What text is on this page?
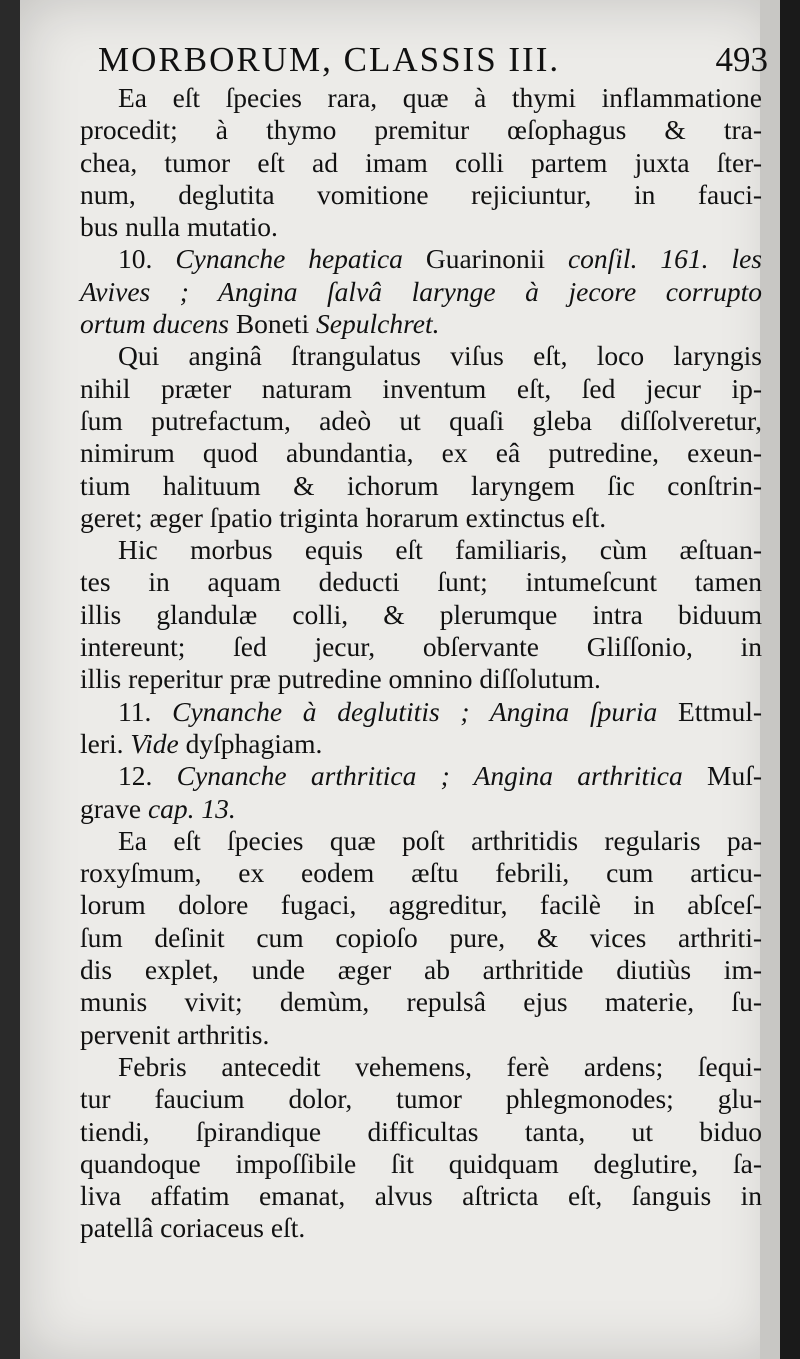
MORBORUM, CLASSIS III.	493
Ea eſt ſpecies rara, quæ à thymi inflammatione
procedit; à thymo premitur œſophagus & tra-
chea, tumor eſt ad imam colli partem juxta ſter-
num, deglutita vomitione rejiciuntur, in fauci-
bus nulla mutatio.
10. Cynanche hepatica Guarinonii conſil. 161. les
Avives ; Angina ſalvâ larynge à jecore corrupto
ortum ducens Boneti Sepulchret.
Qui anginâ ſtrangulatus viſus eſt, loco laryngis
nihil præter naturam inventum eſt, ſed jecur ip-
ſum putrefactum, adeò ut quaſi gleba diſſolveretur,
nimirum quod abundantia, ex eâ putredine, exeun-
tium halituum & ichorum laryngem ſic conſtrin-
geret; æger ſpatio triginta horarum extinctus eſt.
Hic morbus equis eſt familiaris, cùm æſtuan-
tes in aquam deducti ſunt; intumeſcunt tamen
illis glandulæ colli, & plerumque intra biduum
intereunt; ſed jecur, obſervante Gliſſonio, in
illis reperitur præ putredine omnino diſſolutum.
11. Cynanche à deglutitis ; Angina ſpuria Ettmul-
leri. Vide dyſphagiam.
12. Cynanche arthritica ; Angina arthritica Muſ-
grave cap. 13.
Ea eſt ſpecies quæ poſt arthritidis regularis pa-
roxyſmum, ex eodem æſtu febrili, cum articu-
lorum dolore fugaci, aggreditur, facilè in abſceſ-
ſum deſinit cum copioſo pure, & vices arthriti-
dis explet, unde æger ab arthritide diutiùs im-
munis vivit; demùm, repulsâ ejus materie, ſu-
pervenit arthritis.
Febris antecedit vehemens, ferè ardens; ſequi-
tur faucium dolor, tumor phlegmonodes; glu-
tiendi, ſpirandique difficultas tanta, ut biduo
quandoque impoſſibile ſit quidquam deglutire, ſa-
liva affatim emanat, alvus aſtricta eſt, ſanguis in
patellâ coriaceus eſt.
